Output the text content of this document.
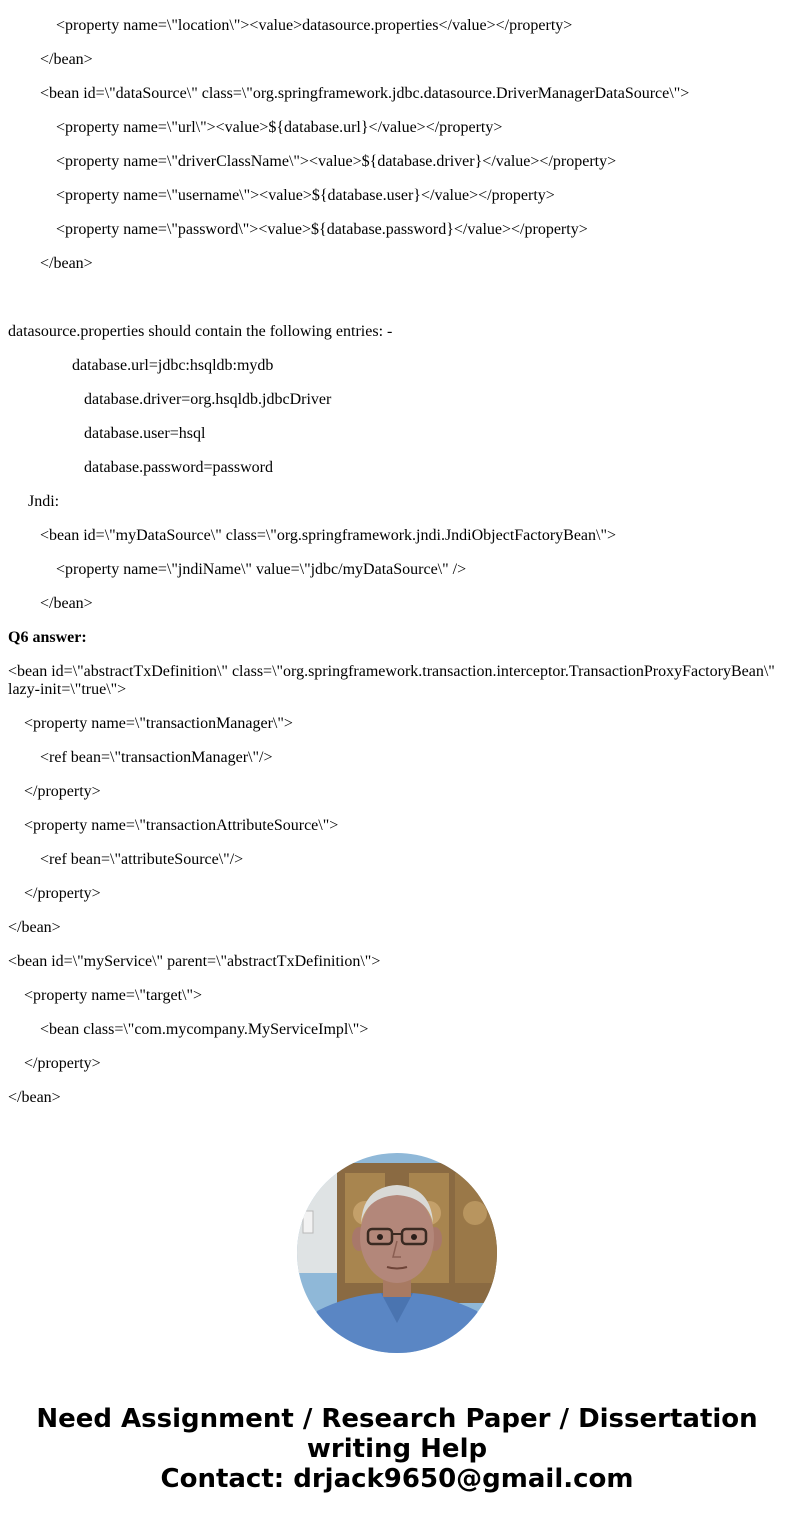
<property name=\"location\"><value>datasource.properties</value></property>
</bean>
<bean id=\"dataSource\" class=\"org.springframework.jdbc.datasource.DriverManagerDataSource\">
<property name=\"url\"><value>${database.url}</value></property>
<property name=\"driverClassName\"><value>${database.driver}</value></property>
<property name=\"username\"><value>${database.user}</value></property>
<property name=\"password\"><value>${database.password}</value></property>
</bean>
datasource.properties should contain the following entries: -
database.url=jdbc:hsqldb:mydb
database.driver=org.hsqldb.jdbcDriver
database.user=hsql
database.password=password
Jndi:
<bean id=\"myDataSource\" class=\"org.springframework.jndi.JndiObjectFactoryBean\">
<property name=\"jndiName\" value=\"jdbc/myDataSource\" />
</bean>
Q6 answer:
<bean id=\"abstractTxDefinition\" class=\"org.springframework.transaction.interceptor.TransactionProxyFactoryBean\" lazy-init=\"true\">
<property name=\"transactionManager\">
<ref bean=\"transactionManager\"/>
</property>
<property name=\"transactionAttributeSource\">
<ref bean=\"attributeSource\"/>
</property>
</bean>
<bean id=\"myService\" parent=\"abstractTxDefinition\">
<property name=\"target\">
<bean class=\"com.mycompany.MyServiceImpl\">
</property>
</bean>
Need Assignment / Research Paper / Dissertation
writing Help
Contact: drjack9650@gmail.com
